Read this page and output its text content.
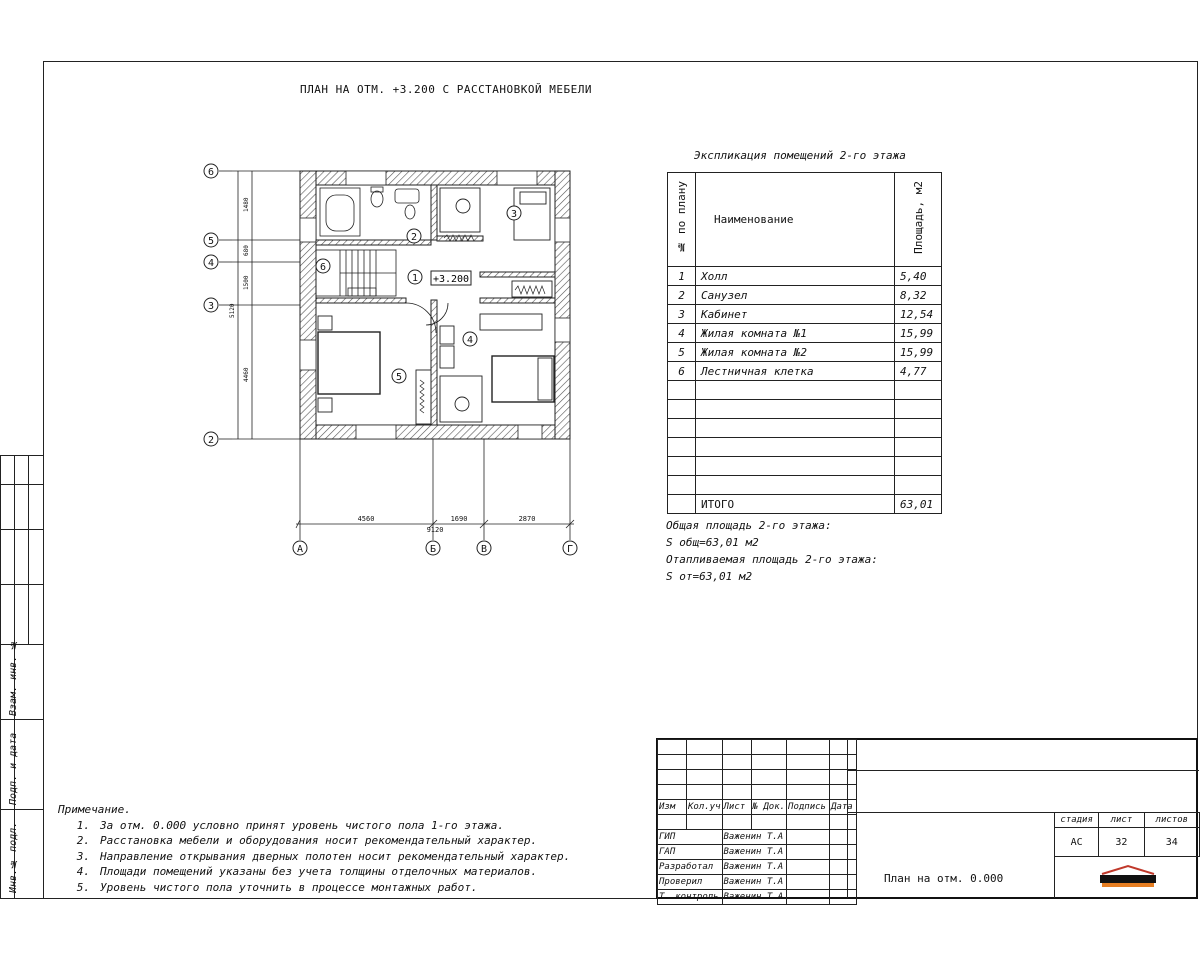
ПЛАН НА ОТМ. +3.200 С РАССТАНОВКОЙ МЕБЕЛИ
1
2
3
4
5
6
+3.200
1480
680
1500
4460
5120
6
5
4
3
2
4560	1690	2870
9120
А	Б	В	Г
Экспликация помещений 2-го этажа
№ по плану	Наименование	Площадь, м2
1	Холл	5,40
2	Санузел	8,32
3	Кабинет	12,54
4	Жилая комната №1	15,99
5	Жилая комната №2	15,99
6	Лестничная клетка	4,77

	ИТОГО	63,01
Общая площадь 2-го этажа:
S общ=63,01 м2
Отапливаемая площадь 2-го этажа:
S от=63,01 м2
Примечание.
1. За отм. 0.000 условно принят уровень чистого пола 1-го этажа.
2. Расстановка мебели и оборудования носит рекомендательный характер.
3. Направление открывания дверных полотен носит рекомендательный характер.
4. Площади помещений указаны без учета толщины отделочных материалов.
5. Уровень чистого пола уточнить в процессе монтажных работ.
Взам. инв. №
Подп. и дата
Инв.№ подл.

Изм	Кол.уч	Лист	№ Док.	Подпись	Дата

ГИП		Важенин Т.А			
ГАП		Важенин Т.А			
Разработал		Важенин Т.А			
Проверил		Важенин Т.А			
Т. контроль		Важенин Т.А			
стадия	лист	листов
АС	32	34
План на отм. 0.000
